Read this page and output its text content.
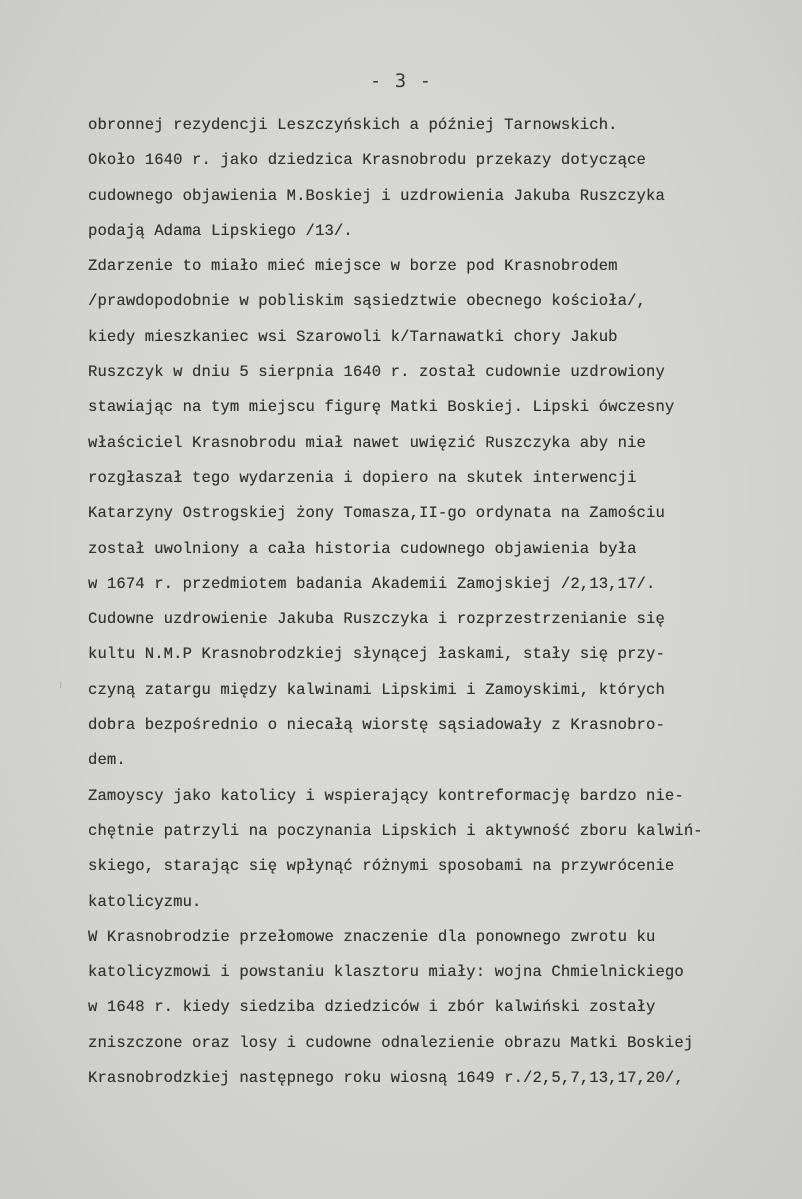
- 3 -
obronnej rezydencji Leszczyńskich a później Tarnowskich.
Około 1640 r. jako dziedzica Krasnobrodu przekazy dotyczące
cudownego objawienia M.Boskiej i uzdrowienia Jakuba Ruszczyka
podają Adama Lipskiego /13/.
Zdarzenie to miało mieć miejsce w borze pod Krasnobrodem
/prawdopodobnie w pobliskim sąsiedztwie obecnego kościoła/,
kiedy mieszkaniec wsi Szarowoli k/Tarnawatki chory Jakub
Ruszczyk w dniu 5 sierpnia 1640 r. został cudownie uzdrowiony
stawiając na tym miejscu figurę Matki Boskiej. Lipski ówczesny
właściciel Krasnobrodu miał nawet uwięzić Ruszczyka aby nie
rozgłaszał tego wydarzenia i dopiero na skutek interwencji
Katarzyny Ostrogskiej żony Tomasza,II-go ordynata na Zamościu
został uwolniony a cała historia cudownego objawienia była
w 1674 r. przedmiotem badania Akademii Zamojskiej /2,13,17/.
Cudowne uzdrowienie Jakuba Ruszczyka i rozprzestrzenianie się
kultu N.M.P Krasnobrodzkiej słynącej łaskami, stały się przy-
czyną zatargu między kalwinami Lipskimi i Zamoyskimi, których
dobra bezpośrednio o niecałą wiorstę sąsiadowały z Krasnobro-
dem.
Zamoyscy jako katolicy i wspierający kontreformację bardzo nie-
chętnie patrzyli na poczynania Lipskich i aktywność zboru kalwiń-
skiego, starając się wpłynąć różnymi sposobami na przywrócenie
katolicyzmu.
W Krasnobrodzie przełomowe znaczenie dla ponownego zwrotu ku
katolicyzmowi i powstaniu klasztoru miały: wojna Chmielnickiego
w 1648 r. kiedy siedziba dziedziców i zbór kalwiński zostały
zniszczone oraz losy i cudowne odnalezienie obrazu Matki Boskiej
Krasnobrodzkiej następnego roku wiosną 1649 r./2,5,7,13,17,20/,
